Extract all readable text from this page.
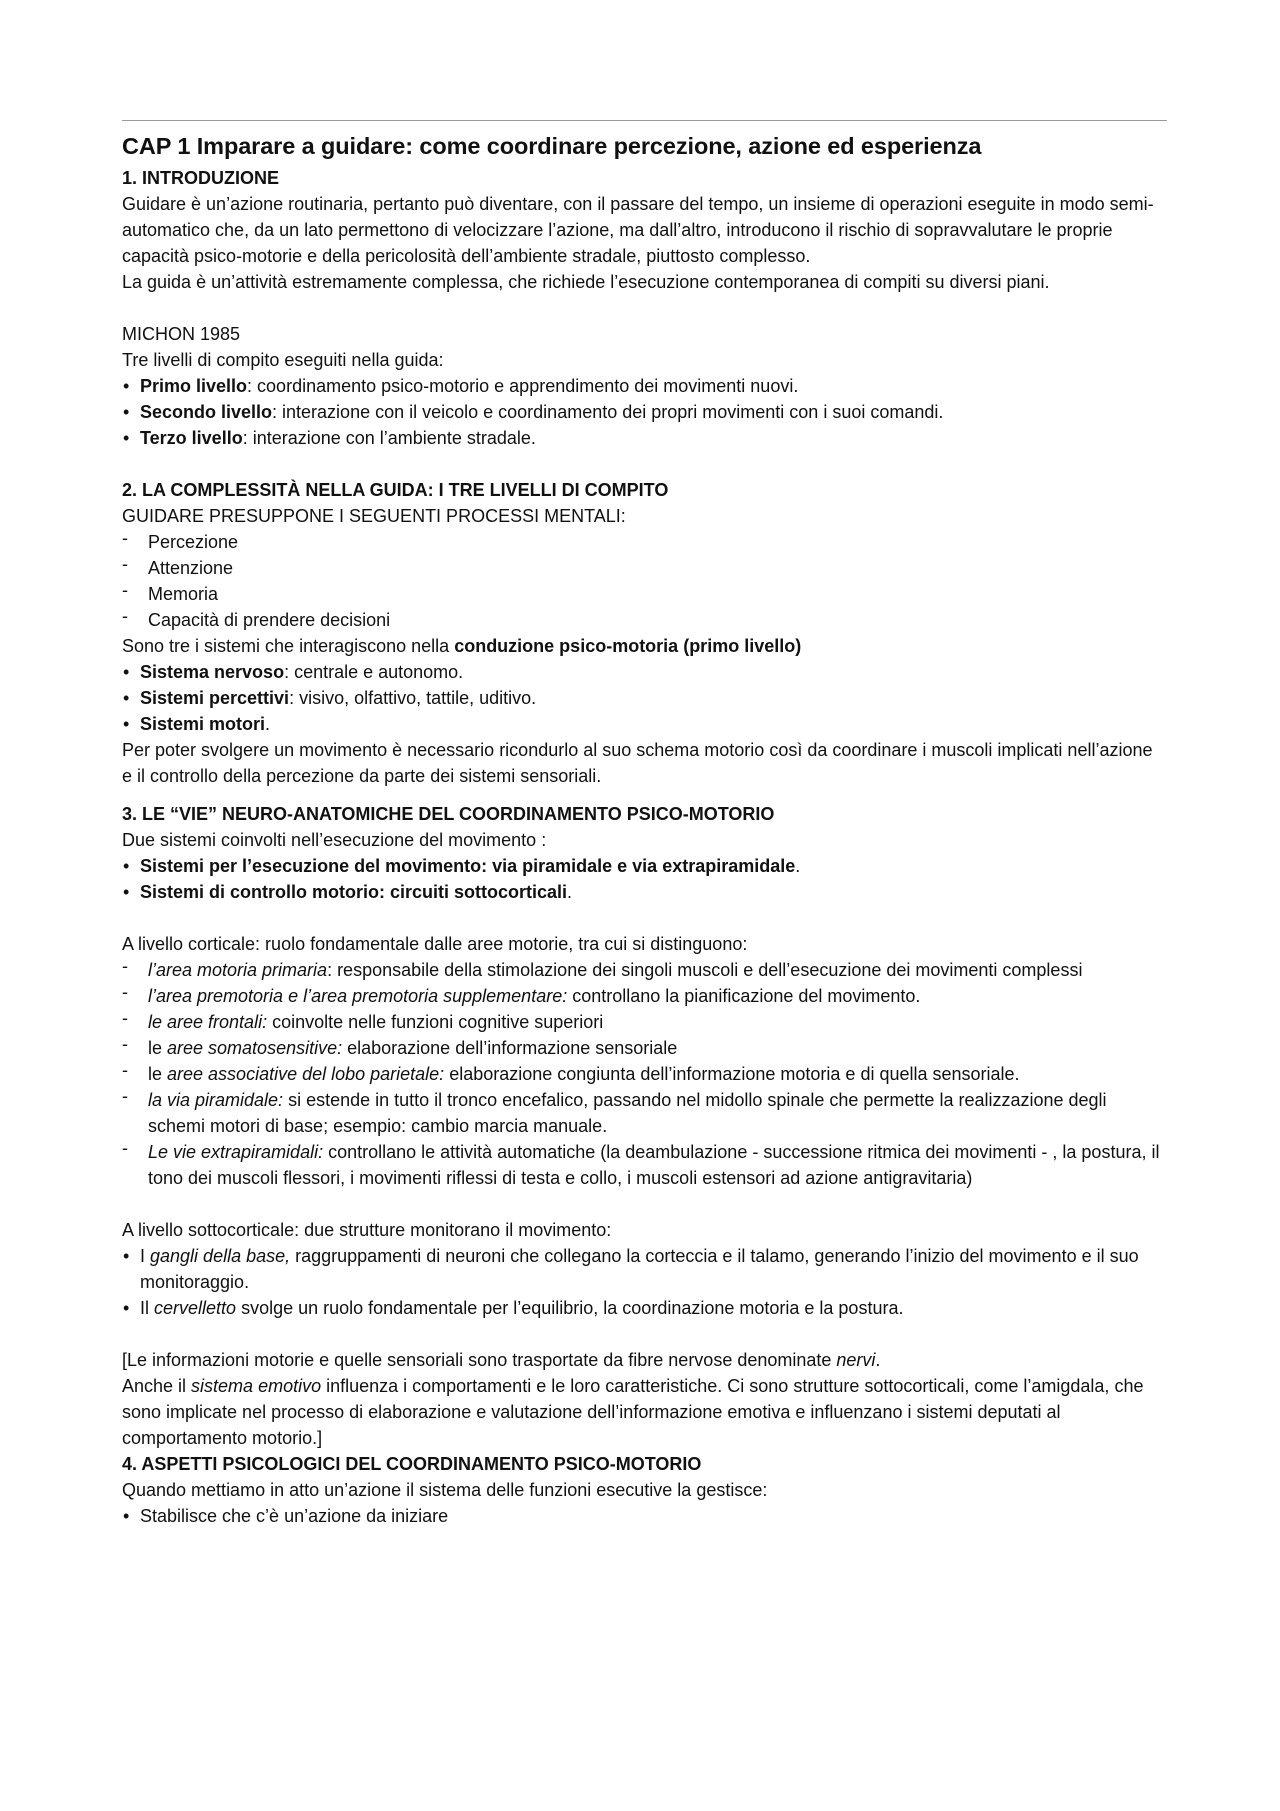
CAP 1 Imparare a guidare: come coordinare percezione, azione ed esperienza
1. INTRODUZIONE

Guidare è un’azione routinaria, pertanto può diventare, con il passare del tempo, un insieme di operazioni eseguite in modo semi-automatico che, da un lato permettono di velocizzare l’azione, ma dall’altro, introducono il rischio di sopravvalutare le proprie capacità psico-motorie e della pericolosità dell’ambiente stradale, piuttosto complesso.

La guida è un’attività estremamente complessa, che richiede l’esecuzione contemporanea di compiti su diversi piani.

MICHON 1985

Tre livelli di compito eseguiti nella guida:

• Primo livello: coordinamento psico-motorio e apprendimento dei movimenti nuovi.
• Secondo livello: interazione con il veicolo e coordinamento dei propri movimenti con i suoi comandi.
• Terzo livello: interazione con l’ambiente stradale.
2. LA COMPLESSITÀ NELLA GUIDA: I TRE LIVELLI DI COMPITO

GUIDARE PRESUPPONE I SEGUENTI PROCESSI MENTALI:

- Percezione
- Attenzione
- Memoria
- Capacità di prendere decisioni

Sono tre i sistemi che interagiscono nella conduzione psico-motoria (primo livello)

• Sistema nervoso: centrale e autonomo.
• Sistemi percettivi: visivo, olfattivo, tattile, uditivo.
• Sistemi motori.

Per poter svolgere un movimento è necessario ricondurlo al suo schema motorio così da coordinare i muscoli implicati nell’azione e il controllo della percezione da parte dei sistemi sensoriali.

3. LE “VIE” NEURO-ANATOMICHE DEL COORDINAMENTO PSICO-MOTORIO

Due sistemi coinvolti nell’esecuzione del movimento :

• Sistemi per l’esecuzione del movimento: via piramidale e via extrapiramidale.
• Sistemi di controllo motorio: circuiti sottocorticali.

A livello corticale: ruolo fondamentale dalle aree motorie, tra cui si distinguono:

- l’area motoria primaria: responsabile della stimolazione dei singoli muscoli e dell’esecuzione dei movimenti complessi
- l’area premotoria e l’area premotoria supplementare: controllano la pianificazione del movimento.
- le aree frontali: coinvolte nelle funzioni cognitive superiori
- le aree somatosensitive: elaborazione dell’informazione sensoriale
- le aree associative del lobo parietale: elaborazione congiunta dell’informazione motoria e di quella sensoriale.
- la via piramidale: si estende in tutto il tronco encefalico, passando nel midollo spinale che permette la realizzazione degli schemi motori di base; esempio: cambio marcia manuale.
- Le vie extrapiramidali: controllano le attività automatiche (la deambulazione - successione ritmica dei movimenti - , la postura, il tono dei muscoli flessori, i movimenti riflessi di testa e collo, i muscoli estensori ad azione antigravitaria)

A livello sottocorticale: due strutture monitorano il movimento:

• I gangli della base, raggruppamenti di neuroni che collegano la corteccia e il talamo, generando l’inizio del movimento e il suo monitoraggio.
• Il cervelletto svolge un ruolo fondamentale per l’equilibrio, la coordinazione motoria e la postura.

[Le informazioni motorie e quelle sensoriali sono trasportate da fibre nervose denominate nervi.

Anche il sistema emotivo influenza i comportamenti e le loro caratteristiche. Ci sono strutture sottocorticali, come l’amigdala, che sono implicate nel processo di elaborazione e valutazione dell’informazione emotiva e influenzano i sistemi deputati al comportamento motorio.]

4. ASPETTI PSICOLOGICI DEL COORDINAMENTO PSICO-MOTORIO

Quando mettiamo in atto un’azione il sistema delle funzioni esecutive la gestisce:

• Stabilisce che c’è un’azione da iniziare
